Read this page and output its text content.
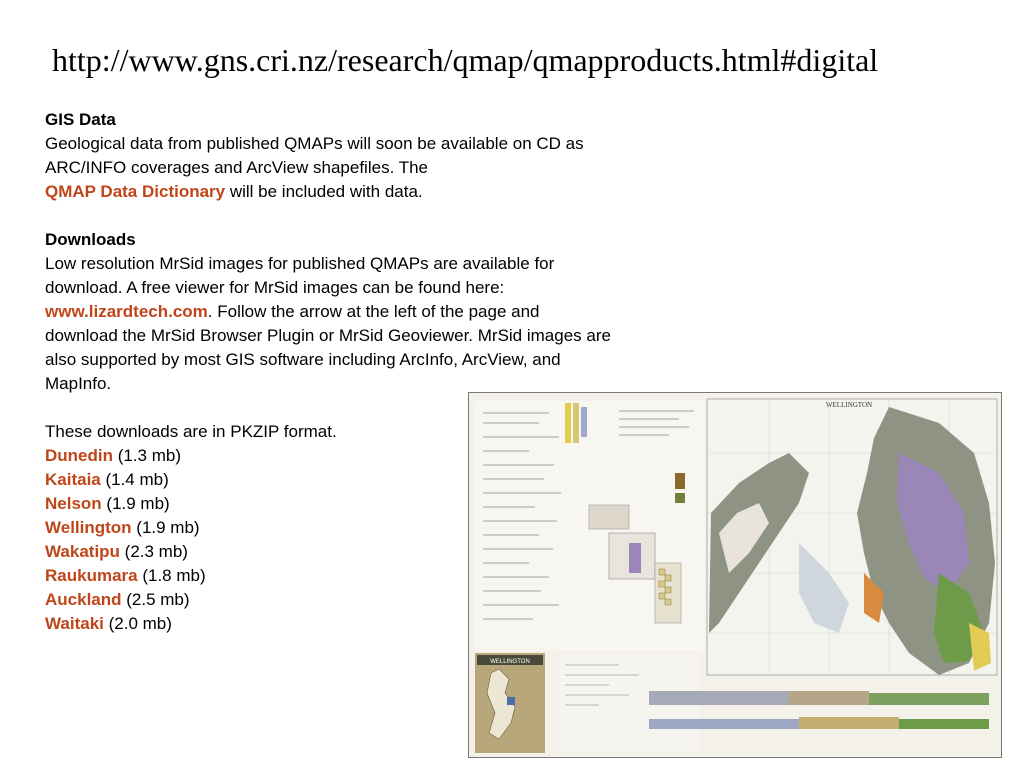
http://www.gns.cri.nz/research/qmap/qmapproducts.html#digital

GIS Data

Geological data from published QMAPs will soon be available on CD as ARC/INFO coverages and ArcView shapefiles. The
QMAP Data Dictionary will be included with data.

Downloads

Low resolution MrSid images for published QMAPs are available for download. A free viewer for MrSid images can be found here: www.lizardtech.com. Follow the arrow at the left of the page and download the MrSid Browser Plugin or MrSid Geoviewer. MrSid images are also supported by most GIS software including ArcInfo, ArcView, and MapInfo.

These downloads are in PKZIP format.

Dunedin (1.3 mb)
Kaitaia (1.4 mb)
Nelson (1.9 mb)
Wellington (1.9 mb)
Wakatipu (2.3 mb)
Raukumara (1.8 mb)
Auckland (2.5 mb)
Waitaki (2.0 mb)
WELLINGTON
WELLINGTON
